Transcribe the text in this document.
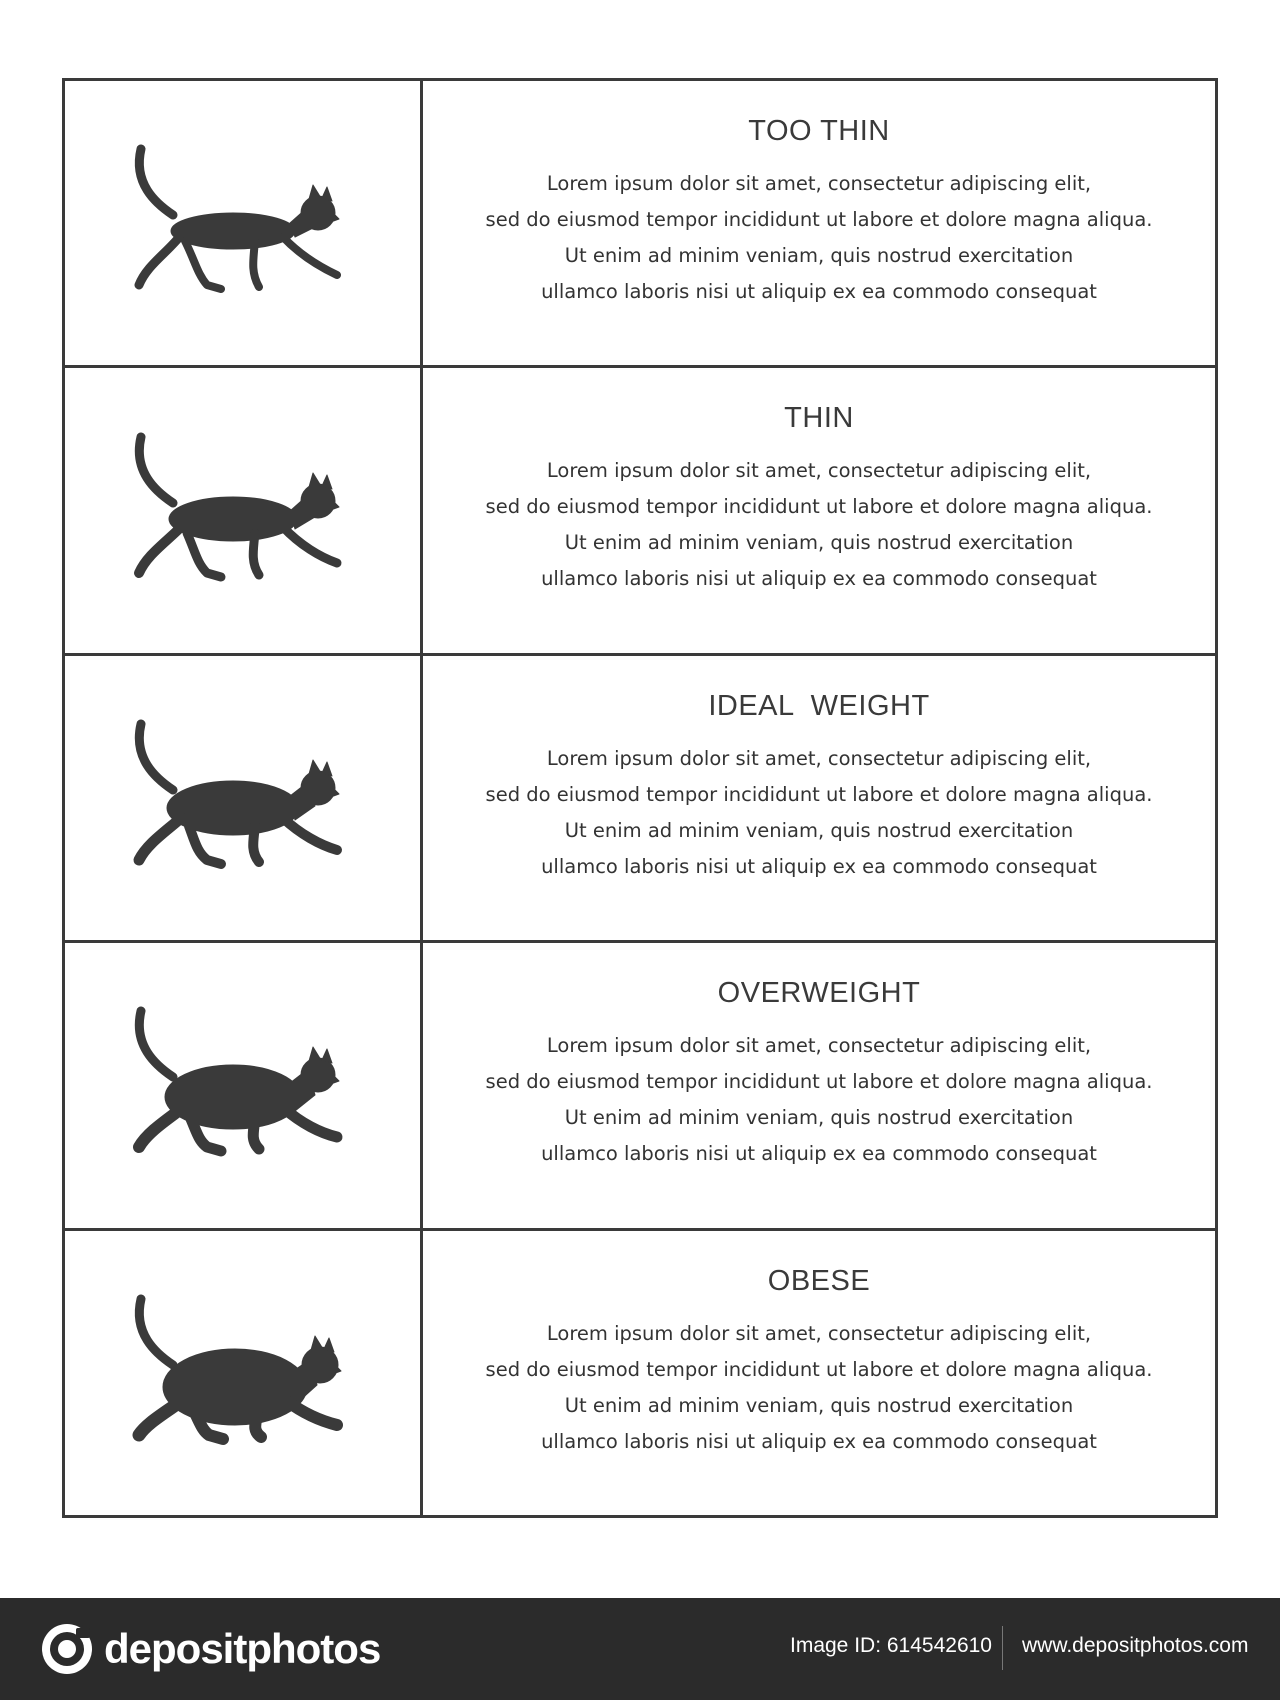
TOO THIN
Lorem ipsum dolor sit amet, consectetur adipiscing elit,
sed do eiusmod tempor incididunt ut labore et dolore magna aliqua.
Ut enim ad minim veniam, quis nostrud exercitation
ullamco laboris nisi ut aliquip ex ea commodo consequat
THIN
Lorem ipsum dolor sit amet, consectetur adipiscing elit,
sed do eiusmod tempor incididunt ut labore et dolore magna aliqua.
Ut enim ad minim veniam, quis nostrud exercitation
ullamco laboris nisi ut aliquip ex ea commodo consequat
IDEAL  WEIGHT
Lorem ipsum dolor sit amet, consectetur adipiscing elit,
sed do eiusmod tempor incididunt ut labore et dolore magna aliqua.
Ut enim ad minim veniam, quis nostrud exercitation
ullamco laboris nisi ut aliquip ex ea commodo consequat
OVERWEIGHT
Lorem ipsum dolor sit amet, consectetur adipiscing elit,
sed do eiusmod tempor incididunt ut labore et dolore magna aliqua.
Ut enim ad minim veniam, quis nostrud exercitation
ullamco laboris nisi ut aliquip ex ea commodo consequat
OBESE
Lorem ipsum dolor sit amet, consectetur adipiscing elit,
sed do eiusmod tempor incididunt ut labore et dolore magna aliqua.
Ut enim ad minim veniam, quis nostrud exercitation
ullamco laboris nisi ut aliquip ex ea commodo consequat
depositphotos	Image ID: 614542610 www.depositphotos.com
